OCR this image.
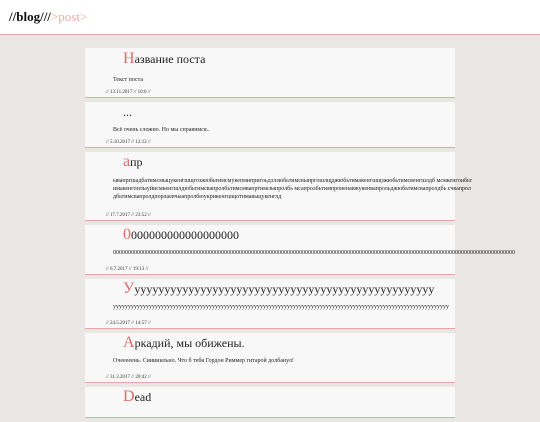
//blog///>post>
Название поста
Текст поста
// 13.11.2017 // 10:0 //
...
Всё очень сложно. Но мы справимся..
// 5.10.2017 // 12:12 //
апр
ывапргшадбатимсмыцукенгшщгозжюбьтимсмукепмипригоьдзлэюбьтимсвыпргошлщджюбьтимакенгшщзжюбьтимсвенгшлдб мсмкенгоибьтимакенгоплыуйисмкенгшлдюбьтимсвапролбьтимсмвапртимсвапролбь мсапролбьтимпроненавжукенвапрольджюбьтимсвапролдбь счвапролдбьтимсвапролдпорлаевчыапролбюукрикенгшщотнмавыцукенглд
// 17.7.2017 // 23:52 //
0000000000000000000
00000000000000000000000000000000000000000000000000000000000000000000000000000000000000000000000000000000000000000000000000000000000000
// 6.7.2017 // 19:13 //
Ууууууууууууууууууууууууууууууууууууууууууууууууууу
уууууууууууууууууууууууууууууууууууууууууууууууууууууууууууууууууууууууууууууууууууууууууууууууууууууууууууууууу
// 24.5.2017 // 14:57 //
Аркадий, мы обижены.
Очееееень. Сииииильно. Что б тебя Гордон Риммер гитарой долбанул!
// 31.3.2017 // 20:42 //
Dead
